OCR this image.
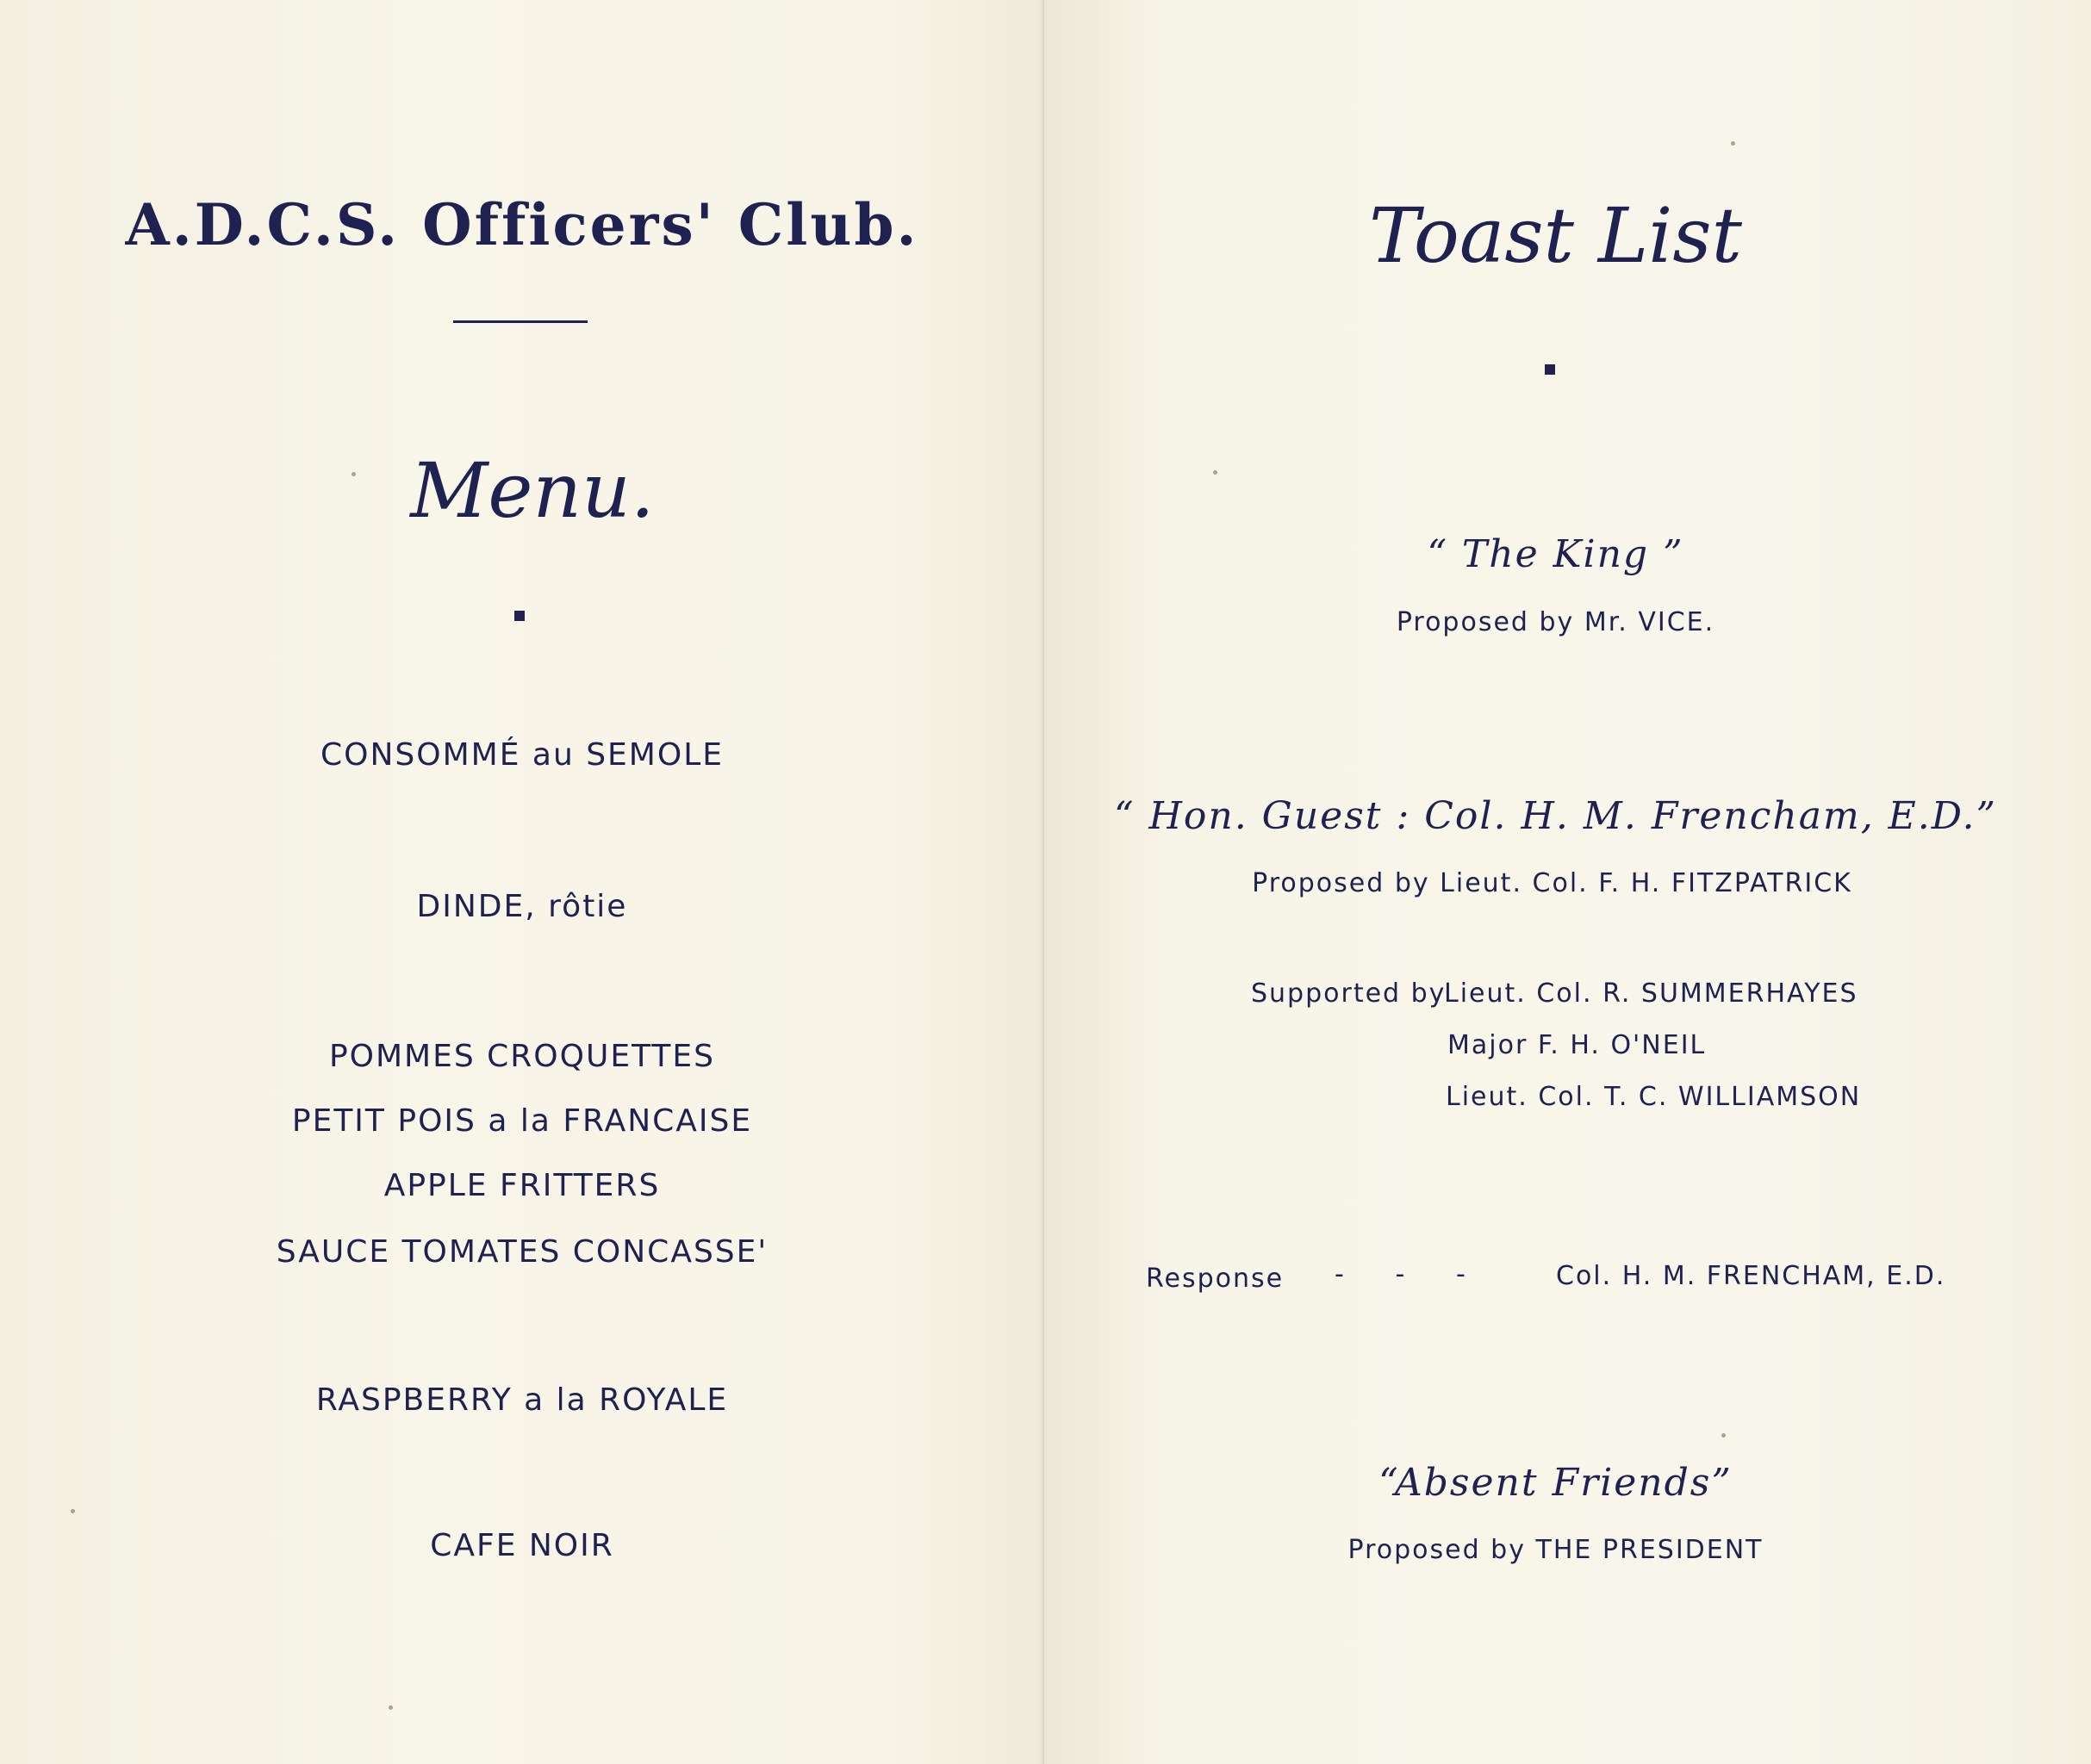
A.D.C.S. Officers' Club.
Menu.
CONSOMMÉ au SEMOLE
DINDE, rôtie
POMMES CROQUETTES
PETIT POIS a la FRANCAISE
APPLE FRITTERS
SAUCE TOMATES CONCASSE'
RASPBERRY a la ROYALE
CAFE NOIR
Toast List
“ The King ”
Proposed by Mr. VICE.
“ Hon. Guest : Col. H. M. Frencham, E.D.”
Proposed by Lieut. Col. F. H. FITZPATRICK
Supported by
Lieut. Col. R. SUMMERHAYES
Major F. H. O'NEIL
Lieut. Col. T. C. WILLIAMSON
Response -     -     -	Col. H. M. FRENCHAM, E.D.
“Absent Friends”
Proposed by THE PRESIDENT
